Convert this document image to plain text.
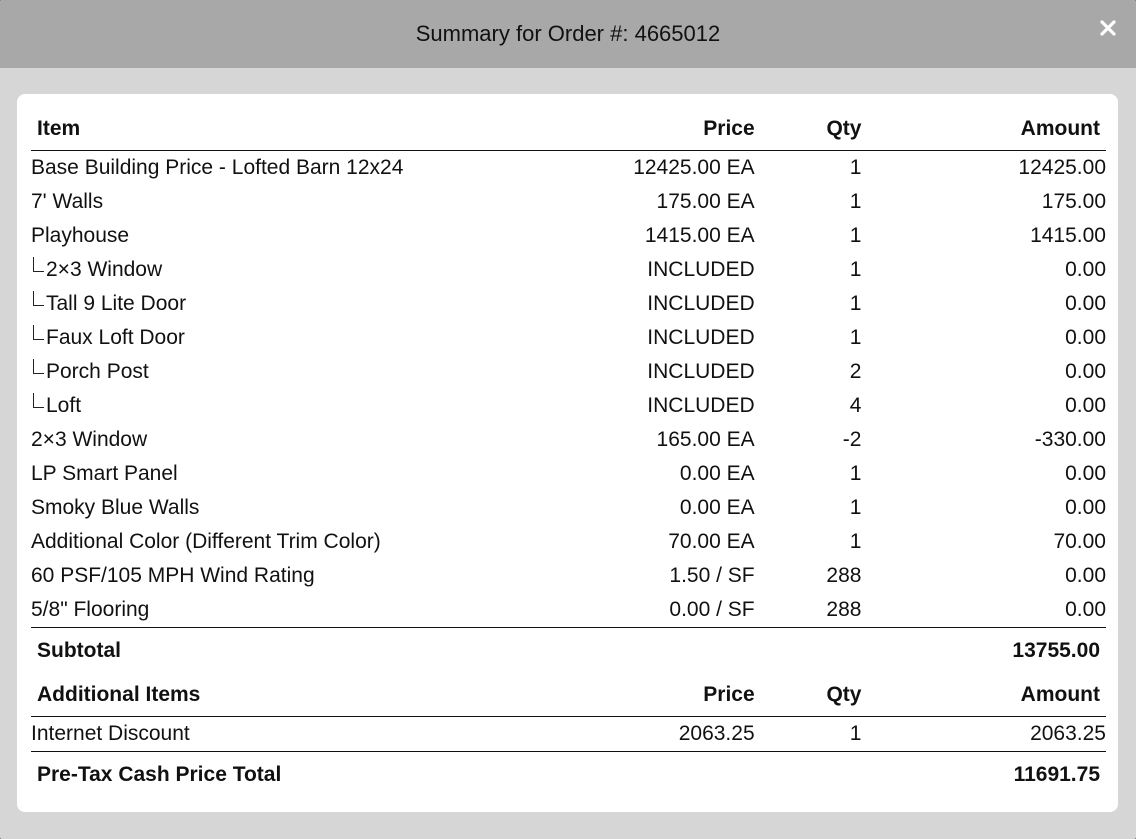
Summary for Order #: 4665012
Item	Price	Qty	Amount
Base Building Price - Lofted Barn 12x24	12425.00 EA	1	12425.00
7' Walls	175.00 EA	1	175.00
Playhouse	1415.00 EA	1	1415.00
2×3 Window	INCLUDED	1	0.00
Tall 9 Lite Door	INCLUDED	1	0.00
Faux Loft Door	INCLUDED	1	0.00
Porch Post	INCLUDED	2	0.00
Loft	INCLUDED	4	0.00
2×3 Window	165.00 EA	-2	-330.00
LP Smart Panel	0.00 EA	1	0.00
Smoky Blue Walls	0.00 EA	1	0.00
Additional Color (Different Trim Color)	70.00 EA	1	70.00
60 PSF/105 MPH Wind Rating	1.50 / SF	288	0.00
5/8" Flooring	0.00 / SF	288	0.00
Subtotal			13755.00
Additional Items	Price	Qty	Amount
Internet Discount	2063.25	1	2063.25
Pre-Tax Cash Price Total			11691.75
